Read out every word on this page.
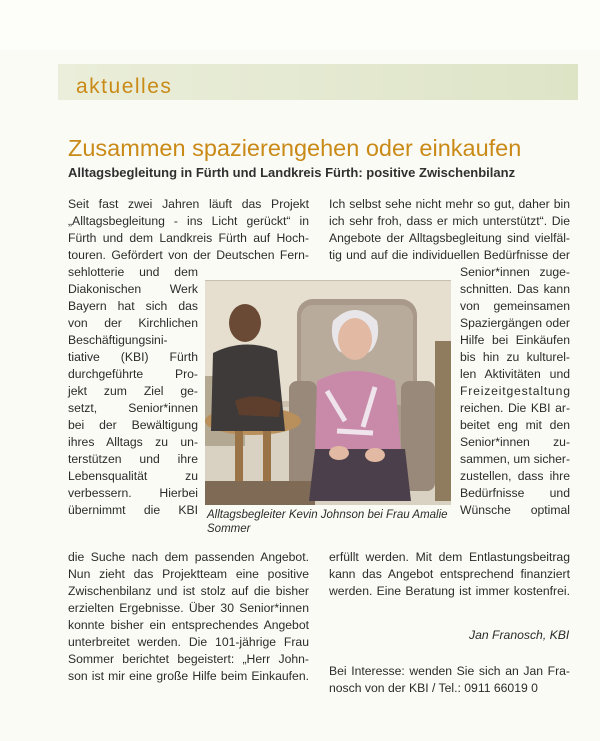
aktuelles
Zusammen spazierengehen oder einkaufen
Alltagsbegleitung in Fürth und Landkreis Fürth: positive Zwischenbilanz
Seit fast zwei Jahren läuft das Projekt
„Alltagsbegleitung - ins Licht gerückt“ in
Fürth und dem Landkreis Fürth auf Hoch-
touren. Gefördert von der Deutschen Fern-
sehlotterie und dem
Diakonischen Werk
Bayern hat sich das
von der Kirchlichen
Beschäftigungsini-
tiative (KBI) Fürth
durchgeführte Pro-
jekt zum Ziel ge-
setzt, Senior*innen
bei der Bewältigung
ihres Alltags zu un-
terstützen und ihre
Lebensqualität zu
verbessern. Hierbei
übernimmt die KBI
die Suche nach dem passenden Angebot.
Nun zieht das Projektteam eine positive
Zwischenbilanz und ist stolz auf die bisher
erzielten Ergebnisse. Über 30 Senior*innen
konnte bisher ein entsprechendes Angebot
unterbreitet werden. Die 101-jährige Frau
Sommer berichtet begeistert: „Herr John-
son ist mir eine große Hilfe beim Einkaufen.
Ich selbst sehe nicht mehr so gut, daher bin
ich sehr froh, dass er mich unterstützt“. Die
Angebote der Alltagsbegleitung sind vielfäl-
tig und auf die individuellen Bedürfnisse der
Senior*innen zuge-
schnitten. Das kann
von gemeinsamen
Spaziergängen oder
Hilfe bei Einkäufen
bis hin zu kulturel-
len Aktivitäten und
Freizeitgestaltung
reichen. Die KBI ar-
beitet eng mit den
Senior*innen zu-
sammen, um sicher-
zustellen, dass ihre
Bedürfnisse und
Wünsche optimal
erfüllt werden. Mit dem Entlastungsbeitrag
kann das Angebot entsprechend finanziert
werden. Eine Beratung ist immer kostenfrei.
Bei Interesse: wenden Sie sich an Jan Fra-
nosch von der KBI / Tel.: 0911 66019 0

Alltagsbegleiter Kevin Johnson bei Frau Amalie Sommer

Jan Franosch, KBI
